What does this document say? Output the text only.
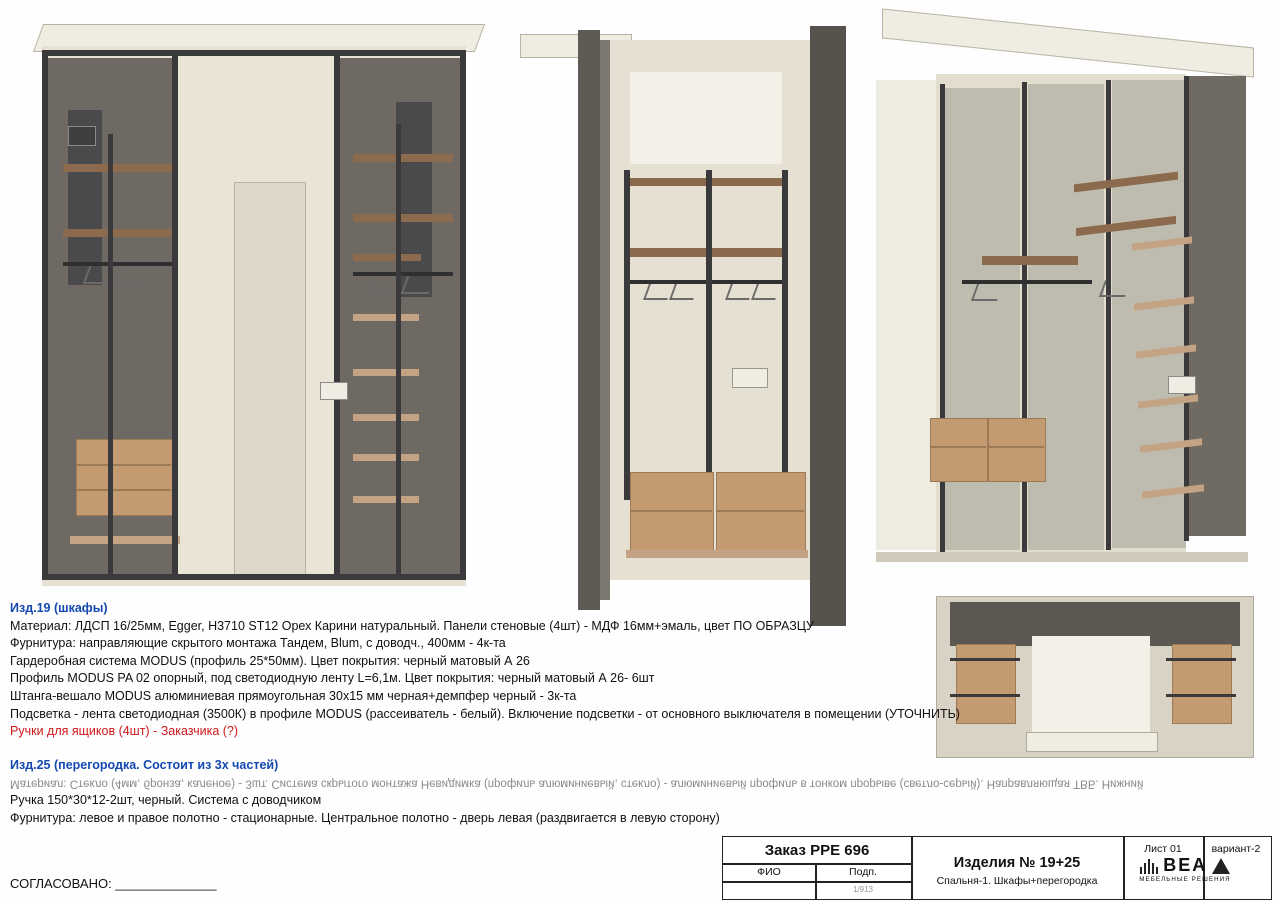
Изд.19 (шкафы)
Материал: ЛДСП 16/25мм, Egger, H3710 ST12 Орех Карини натуральный. Панели стеновые (4шт) - МДФ 16мм+эмаль, цвет ПО ОБРАЗЦУ
Фурнитура: направляющие скрытого монтажа Тандем, Blum, с доводч., 400мм - 4к-та
Гардеробная система MODUS (профиль 25*50мм). Цвет покрытия: черный матовый А 26
Профиль MODUS PA 02 опорный, под светодиодную ленту L=6,1м. Цвет покрытия: черный матовый А 26- 6шт
Штанга-вешало MODUS алюминиевая прямоугольная 30х15 мм черная+демпфер черный - 3к-та
Подсветка - лента светодиодная (3500К) в профиле MODUS (рассеиватель - белый). Включение подсветки - от основного выключателя в помещении (УТОЧНИТЬ)
Ручки для ящиков (4шт) - Заказчика (?)
Изд.25 (перегородка. Состоит из 3х частей)
Материал: Стекло (4мм, бронза, каленое) - 3шт. Система скрытого монтажа Невидимка (профиль алюминиевый, стекло) - алюминиевый профиль в тонком прорыве (светло-серый). Направляющая ТВБ. Нижний
Ручка 150*30*12-2шт, черный. Система с доводчиком
Фурнитура: левое и правое полотно - стационарные. Центральное полотно - дверь левая (раздвигается в левую сторону)
СОГЛАСОВАНО: ______________
Заказ PPE 696
ФИО	Подп.
1/913
Изделия № 19+25
Спальня-1. Шкафы+перегородка
Лист 01	вариант-2
BEA
МЕБЕЛЬНЫЕ РЕШЕНИЯ
